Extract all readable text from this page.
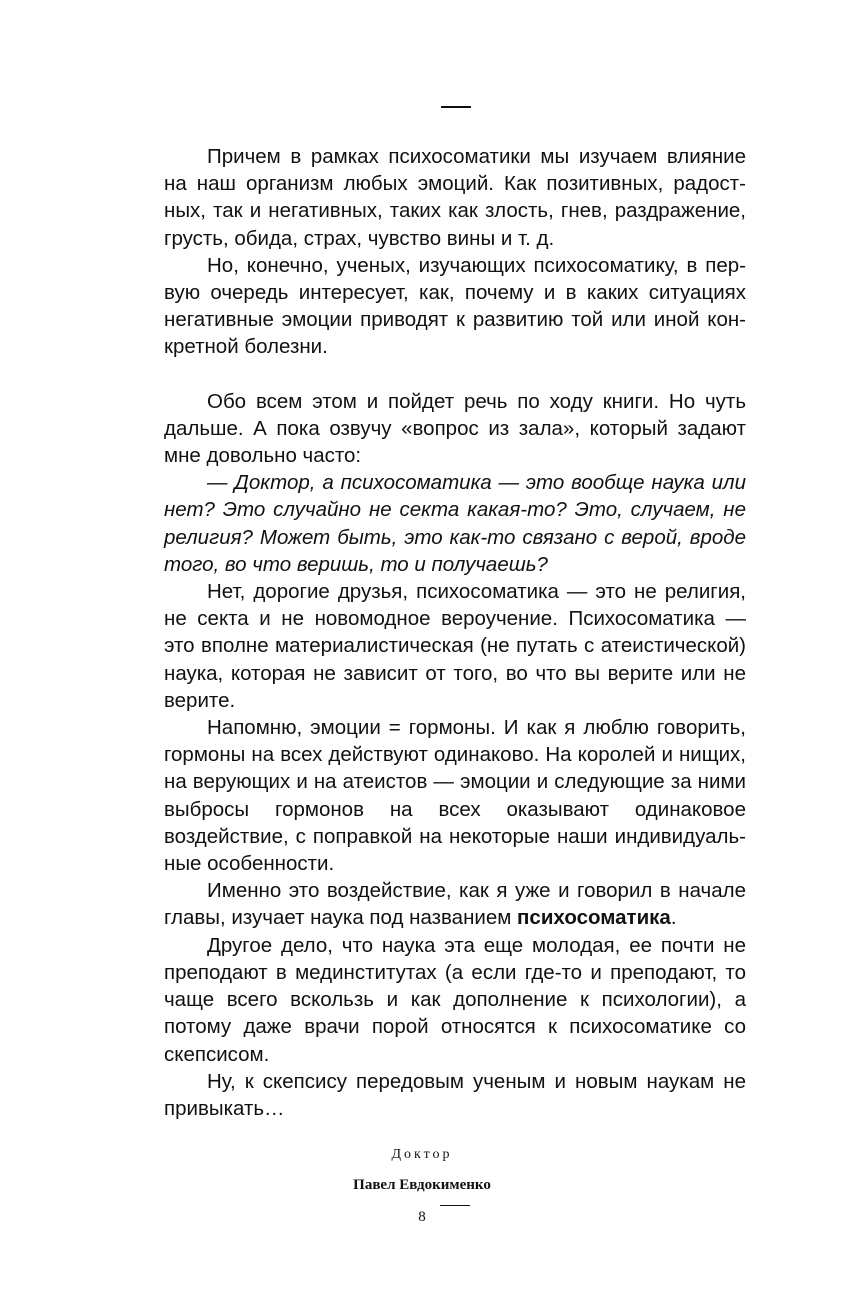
Причем в рамках психосоматики мы изучаем влияние на наш организм любых эмоций. Как позитивных, радостных, так и негативных, таких как злость, гнев, раздражение, грусть, обида, страх, чувство вины и т. д.

Но, конечно, ученых, изучающих психосоматику, в первую очередь интересует, как, почему и в каких ситуациях негативные эмоции приводят к развитию той или иной конкретной болезни.

Обо всем этом и пойдет речь по ходу книги. Но чуть дальше. А пока озвучу «вопрос из зала», который задают мне довольно часто:

— Доктор, а психосоматика — это вообще наука или нет? Это случайно не секта какая-то? Это, случаем, не религия? Может быть, это как-то связано с верой, вроде того, во что веришь, то и получаешь?

Нет, дорогие друзья, психосоматика — это не религия, не секта и не новомодное вероучение. Психосоматика — это вполне материалистическая (не путать с атеистической) наука, которая не зависит от того, во что вы верите или не верите.

Напомню, эмоции = гормоны. И как я люблю говорить, гормоны на всех действуют одинаково. На королей и нищих, на верующих и на атеистов — эмоции и следующие за ними выбросы гормонов на всех оказывают одинаковое воздействие, с поправкой на некоторые наши индивидуальные особенности.

Именно это воздействие, как я уже и говорил в начале главы, изучает наука под названием психосоматика.

Другое дело, что наука эта еще молодая, ее почти не преподают в мединститутах (а если где-то и преподают, то чаще всего вскользь и как дополнение к психологии), а потому даже врачи порой относятся к психосоматике со скепсисом.

Ну, к скепсису передовым ученым и новым наукам не привыкать…

Доктор
Павел Евдокименко
8
